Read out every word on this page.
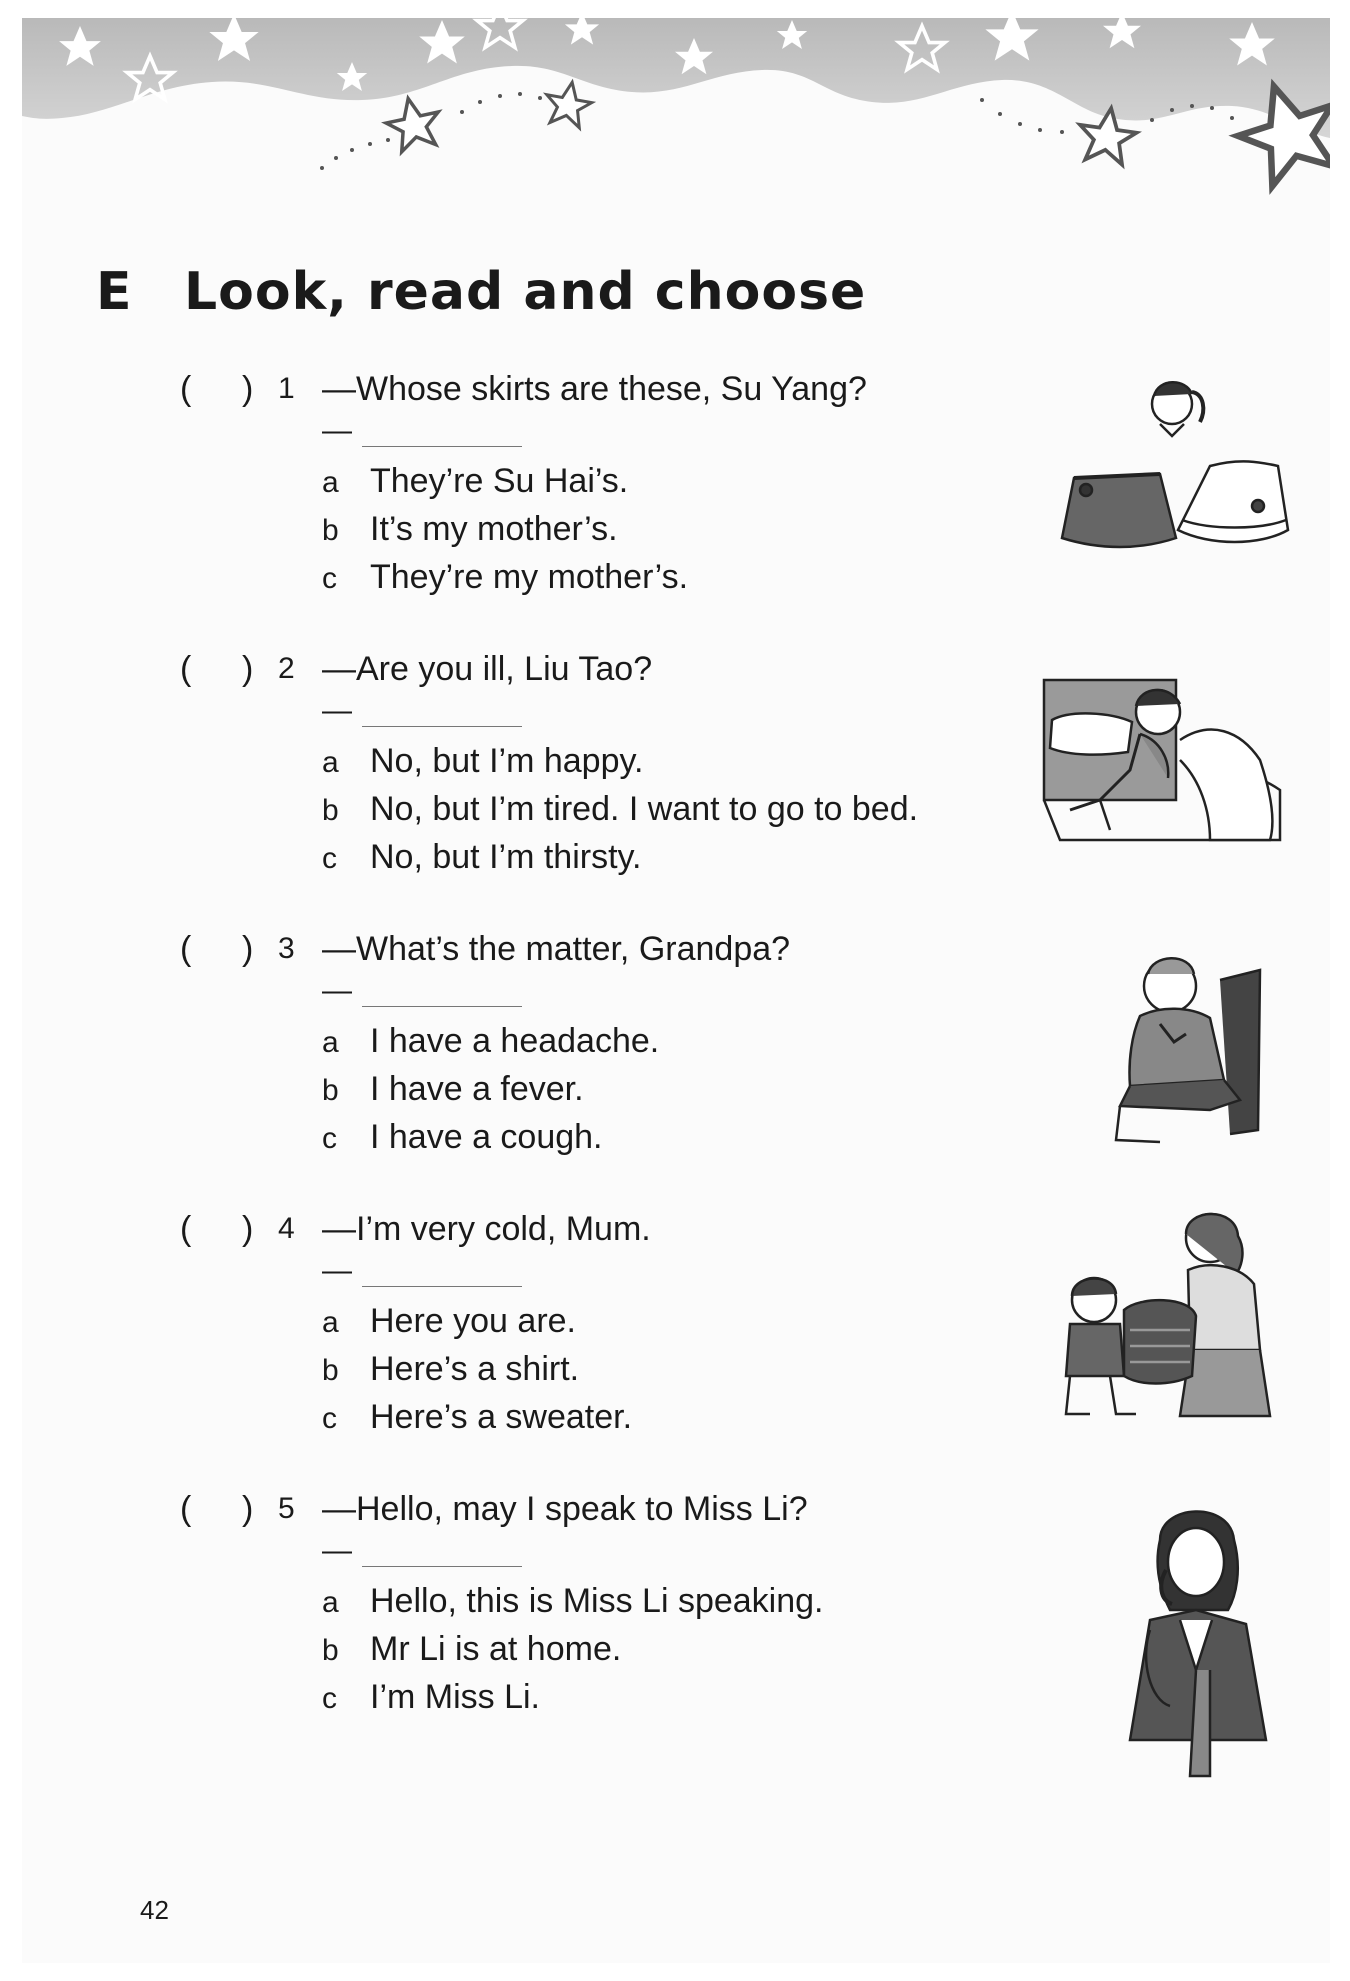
E	Look, read and choose
( ) 1 —Whose skirts are these, Su Yang?
—
a They’re Su Hai’s.
b It’s my mother’s.
c They’re my mother’s.
( ) 2 —Are you ill, Liu Tao?
—
a No, but I’m happy.
b No, but I’m tired. I want to go to bed.
c No, but I’m thirsty.
( ) 3 —What’s the matter, Grandpa?
—
a I have a headache.
b I have a fever.
c I have a cough.
( ) 4 —I’m very cold, Mum.
—
a Here you are.
b Here’s a shirt.
c Here’s a sweater.
( ) 5 —Hello, may I speak to Miss Li?
—
a Hello, this is Miss Li speaking.
b Mr Li is at home.
c I’m Miss Li.
42
